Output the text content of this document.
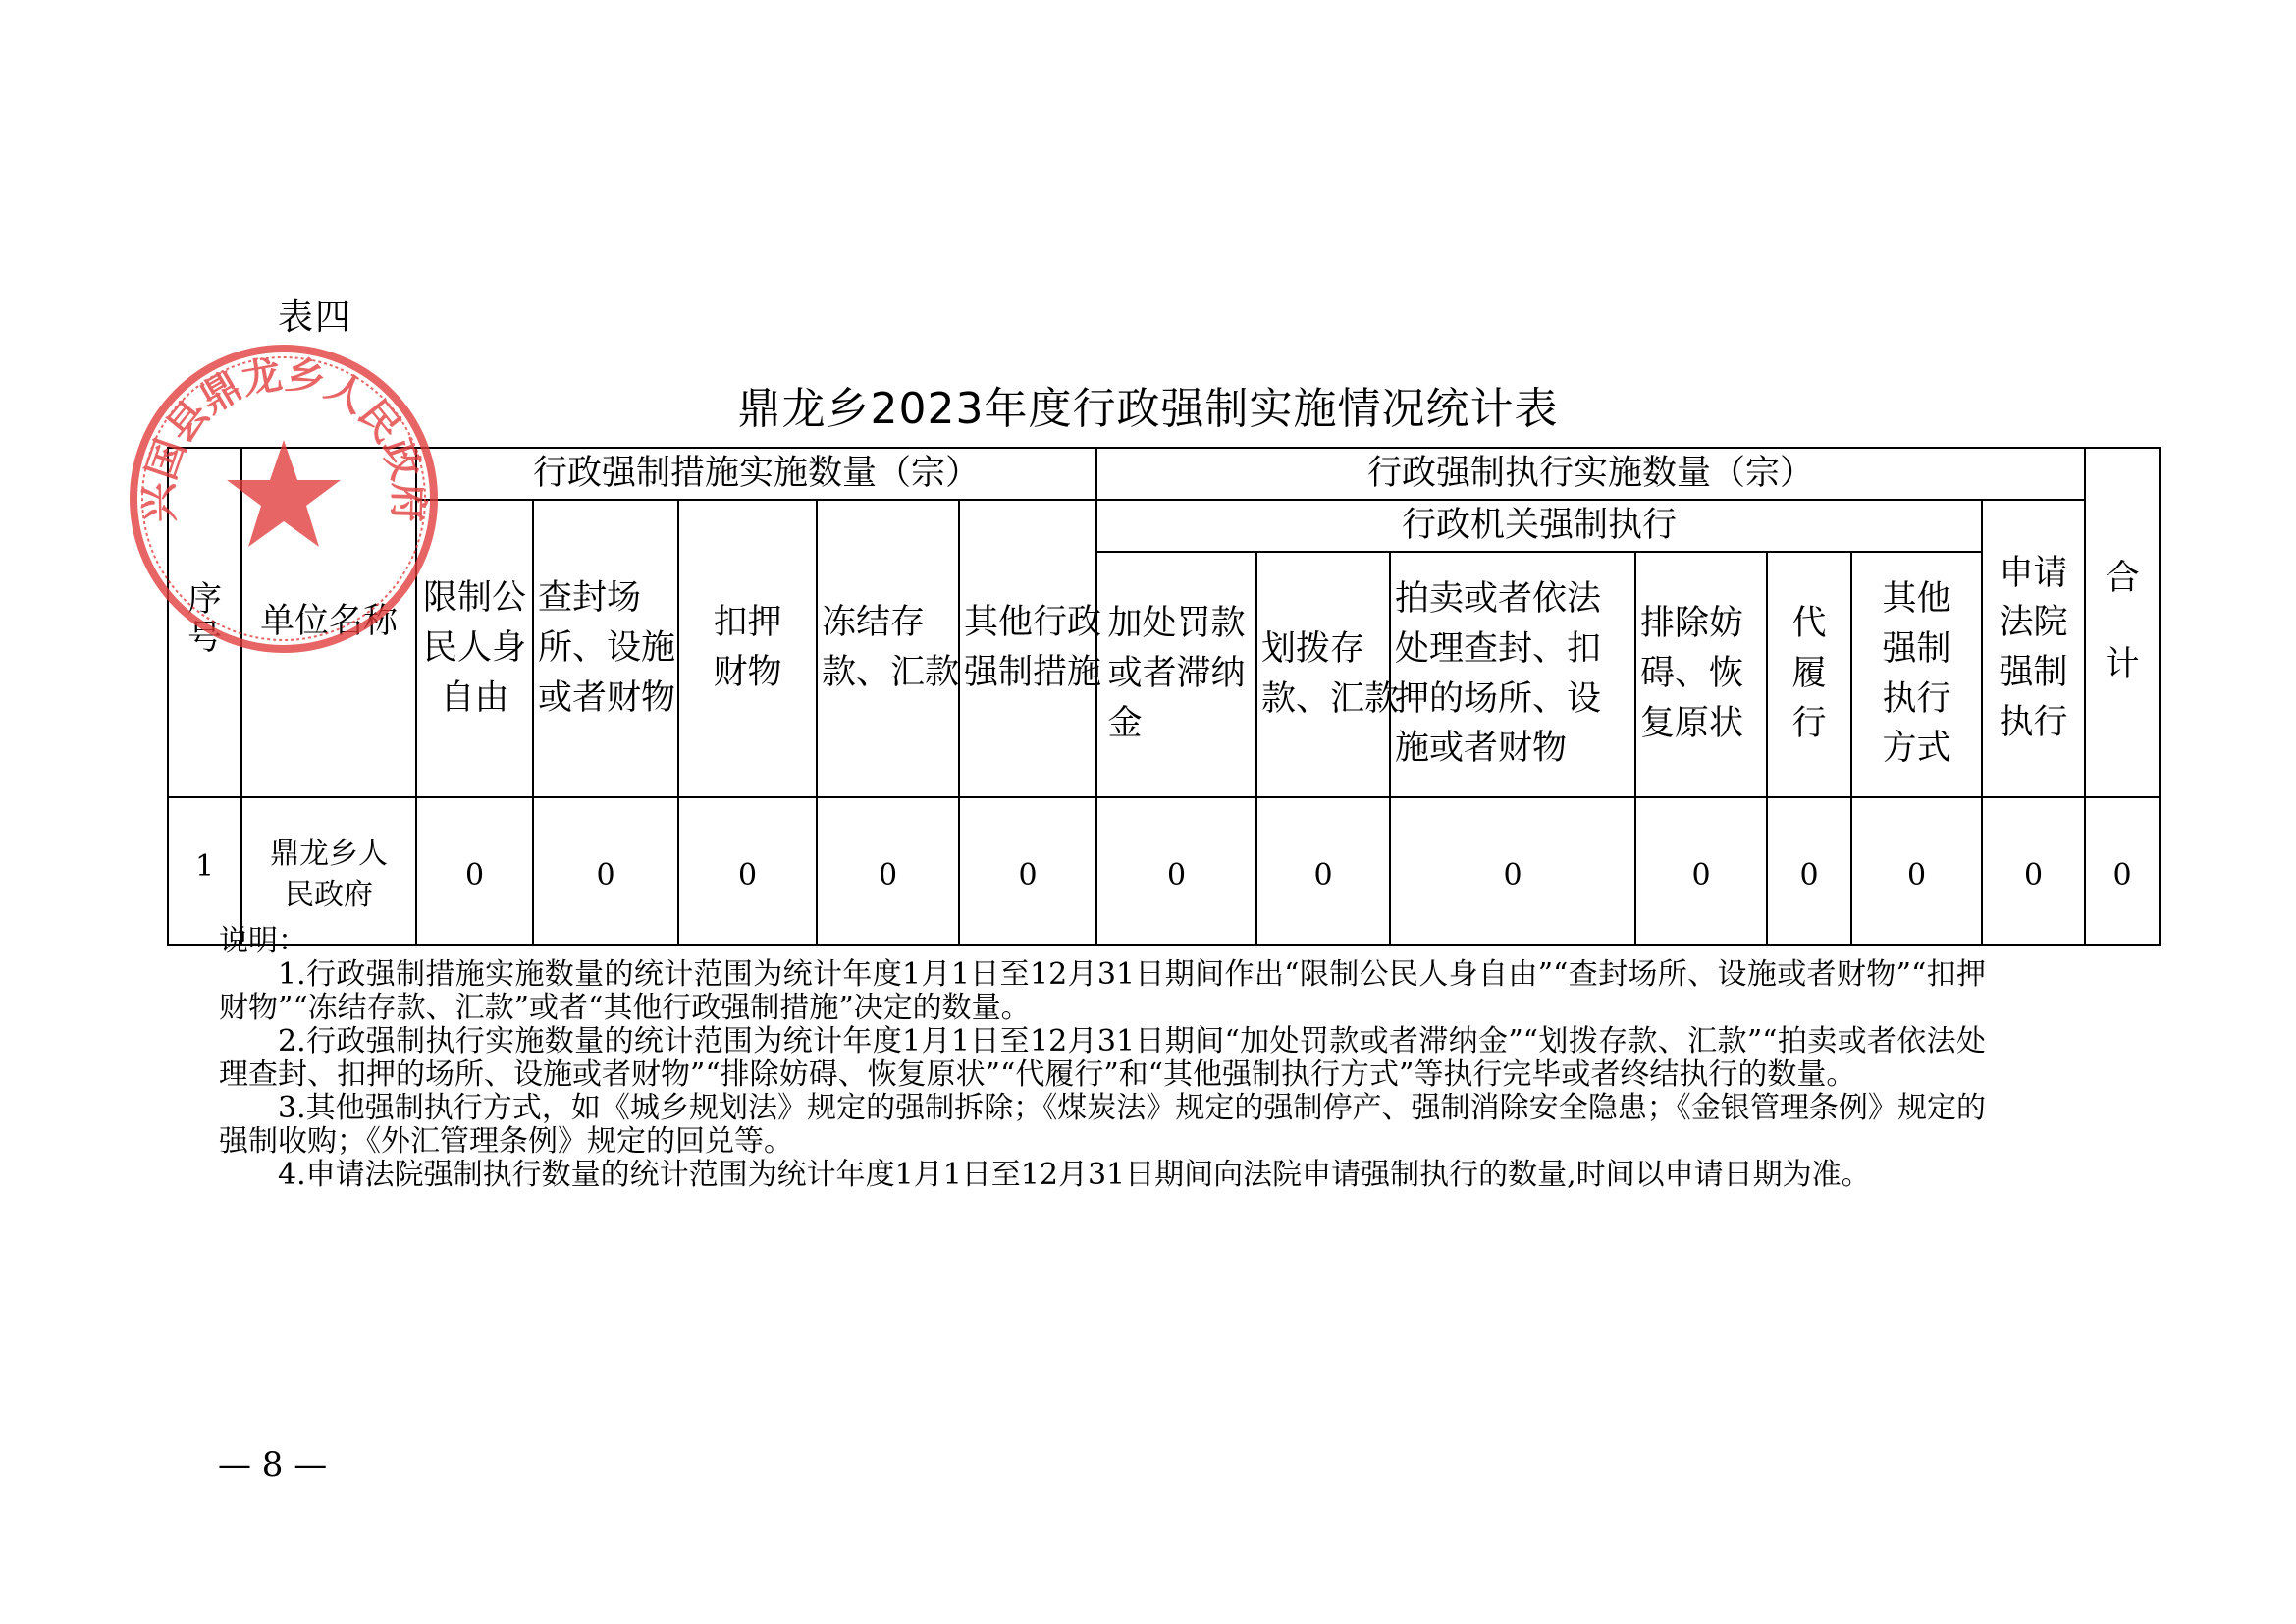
表四
鼎龙乡2023年度行政强制实施情况统计表
序号	单位名称	行政强制措施实施数量（宗）					行政强制执行实施数量（宗）							合计
		限制公民人身自由	查封场所、设施或者财物	扣押财物	冻结存款、汇款	其他行政强制措施	行政机关强制执行						申请法院强制执行	
							加处罚款或者滞纳金	划拨存款、汇款	拍卖或者依法处理查封、扣押的场所、设施或者财物	排除妨碍、恢复原状	代履行	其他强制执行方式		
1	鼎龙乡人民政府	0	0	0	0	0	0	0	0	0	0	0	0	0
兴国县鼎龙乡人民政府

说明：

1.行政强制措施实施数量的统计范围为统计年度1月1日至12月31日期间作出“限制公民人身自由”“查封场所、设施或者财物”“扣押财物”“冻结存款、汇款”或者“其他行政强制措施”决定的数量。

2.行政强制执行实施数量的统计范围为统计年度1月1日至12月31日期间“加处罚款或者滞纳金”“划拨存款、汇款”“拍卖或者依法处理查封、扣押的场所、设施或者财物”“排除妨碍、恢复原状”“代履行”和“其他强制执行方式”等执行完毕或者终结执行的数量。

3.其他强制执行方式，如《城乡规划法》规定的强制拆除；《煤炭法》规定的强制停产、强制消除安全隐患；《金银管理条例》规定的强制收购；《外汇管理条例》规定的回兑等。

4.申请法院强制执行数量的统计范围为统计年度1月1日至12月31日期间向法院申请强制执行的数量,时间以申请日期为准。

— 8 —
